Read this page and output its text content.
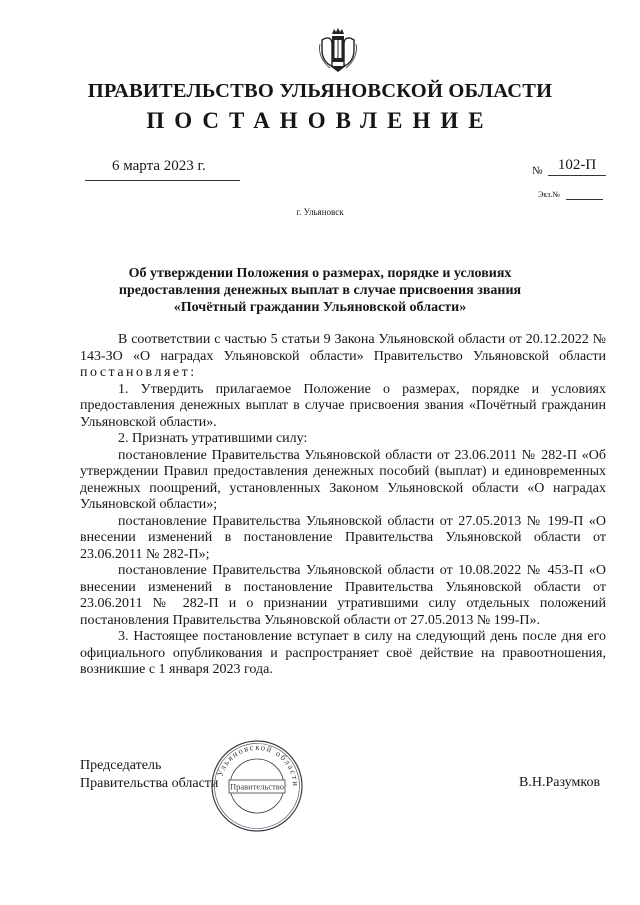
ПРАВИТЕЛЬСТВО УЛЬЯНОВСКОЙ ОБЛАСТИ
ПОСТАНОВЛЕНИЕ
6 марта 2023 г.	№	102-П
Экз.№
г. Ульяновск
Об утверждении Положения о размерах, порядке и условиях
предоставления денежных выплат в случае присвоения звания
«Почётный гражданин Ульяновской области»

В соответствии с частью 5 статьи 9 Закона Ульяновской области от 20.12.2022 № 143-ЗО «О наградах Ульяновской области» Правительство Ульяновской области постановляет:

1. Утвердить прилагаемое Положение о размерах, порядке и условиях предоставления денежных выплат в случае присвоения звания «Почётный гражданин Ульяновской области».

2. Признать утратившими силу:

постановление Правительства Ульяновской области от 23.06.2011 № 282-П «Об утверждении Правил предоставления денежных пособий (выплат) и единовременных денежных поощрений, установленных Законом Ульяновской области «О наградах Ульяновской области»;

постановление Правительства Ульяновской области от 27.05.2013 № 199-П «О внесении изменений в постановление Правительства Ульяновской области от 23.06.2011 № 282-П»;

постановление Правительства Ульяновской области от 10.08.2022 № 453-П «О внесении изменений в постановление Правительства Ульяновской области от 23.06.2011 № 282-П и о признании утратившими силу отдельных положений постановления Правительства Ульяновской области от 27.05.2013 № 199-П».

3. Настоящее постановление вступает в силу на следующий день после дня его официального опубликования и распространяет своё действие на правоотношения, возникшие с 1 января 2023 года.

Председатель
Правительства области
Ульяновской области
Правительство	В.Н.Разумков
